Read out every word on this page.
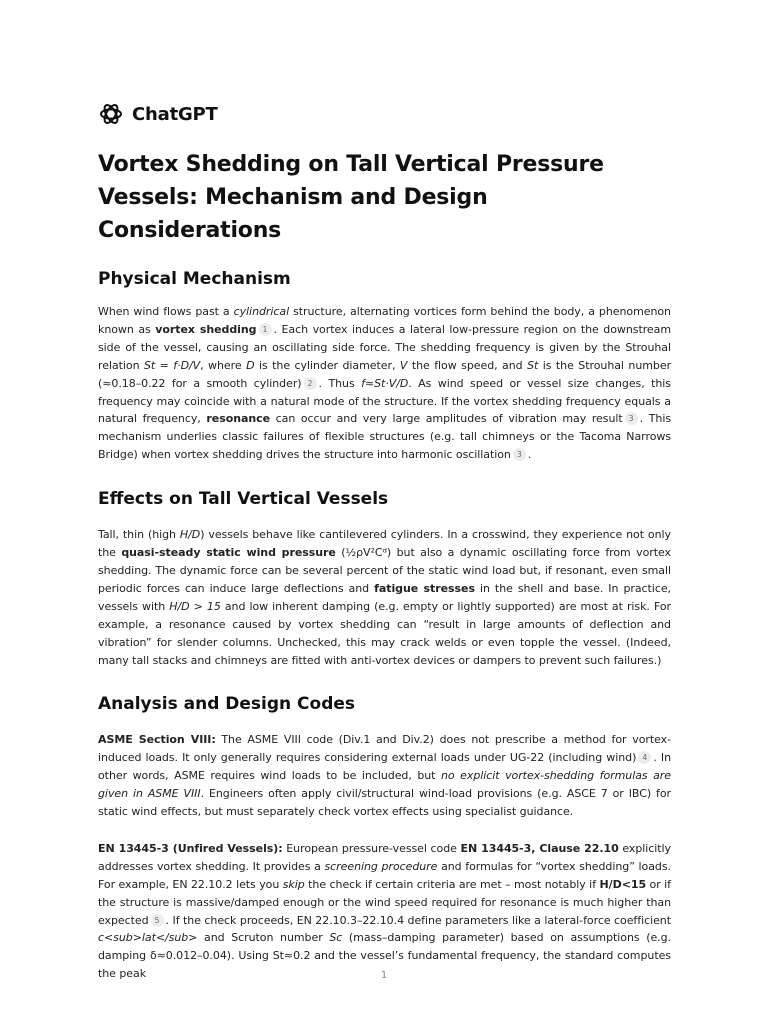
ChatGPT
Vortex Shedding on Tall Vertical Pressure Vessels: Mechanism and Design Considerations
Physical Mechanism

When wind flows past a cylindrical structure, alternating vortices form behind the body, a phenomenon known as vortex shedding 1 . Each vortex induces a lateral low-pressure region on the downstream side of the vessel, causing an oscillating side force. The shedding frequency is given by the Strouhal relation St = f·D/V, where D is the cylinder diameter, V the flow speed, and St is the Strouhal number (≈0.18–0.22 for a smooth cylinder) 2 . Thus f≈St·V/D. As wind speed or vessel size changes, this frequency may coincide with a natural mode of the structure. If the vortex shedding frequency equals a natural frequency, resonance can occur and very large amplitudes of vibration may result 3 . This mechanism underlies classic failures of flexible structures (e.g. tall chimneys or the Tacoma Narrows Bridge) when vortex shedding drives the structure into harmonic oscillation 3 .

Effects on Tall Vertical Vessels

Tall, thin (high H/D) vessels behave like cantilevered cylinders. In a crosswind, they experience not only the quasi-steady static wind pressure (½ρV²Cᵈ) but also a dynamic oscillating force from vortex shedding. The dynamic force can be several percent of the static wind load but, if resonant, even small periodic forces can induce large deflections and fatigue stresses in the shell and base. In practice, vessels with H/D > 15 and low inherent damping (e.g. empty or lightly supported) are most at risk. For example, a resonance caused by vortex shedding can “result in large amounts of deflection and vibration” for slender columns. Unchecked, this may crack welds or even topple the vessel. (Indeed, many tall stacks and chimneys are fitted with anti-vortex devices or dampers to prevent such failures.)

Analysis and Design Codes

ASME Section VIII: The ASME VIII code (Div.1 and Div.2) does not prescribe a method for vortex-induced loads. It only generally requires considering external loads under UG-22 (including wind) 4 . In other words, ASME requires wind loads to be included, but no explicit vortex-shedding formulas are given in ASME VIII. Engineers often apply civil/structural wind-load provisions (e.g. ASCE 7 or IBC) for static wind effects, but must separately check vortex effects using specialist guidance.

EN 13445-3 (Unfired Vessels): European pressure-vessel code EN 13445-3, Clause 22.10 explicitly addresses vortex shedding. It provides a screening procedure and formulas for “vortex shedding” loads. For example, EN 22.10.2 lets you skip the check if certain criteria are met – most notably if H/D<15 or if the structure is massive/damped enough or the wind speed required for resonance is much higher than expected 5 . If the check proceeds, EN 22.10.3–22.10.4 define parameters like a lateral-force coefficient c<sub>lat</sub> and Scruton number Sc (mass–damping parameter) based on assumptions (e.g. damping δ≈0.012–0.04). Using St≈0.2 and the vessel’s fundamental frequency, the standard computes the peak	1
